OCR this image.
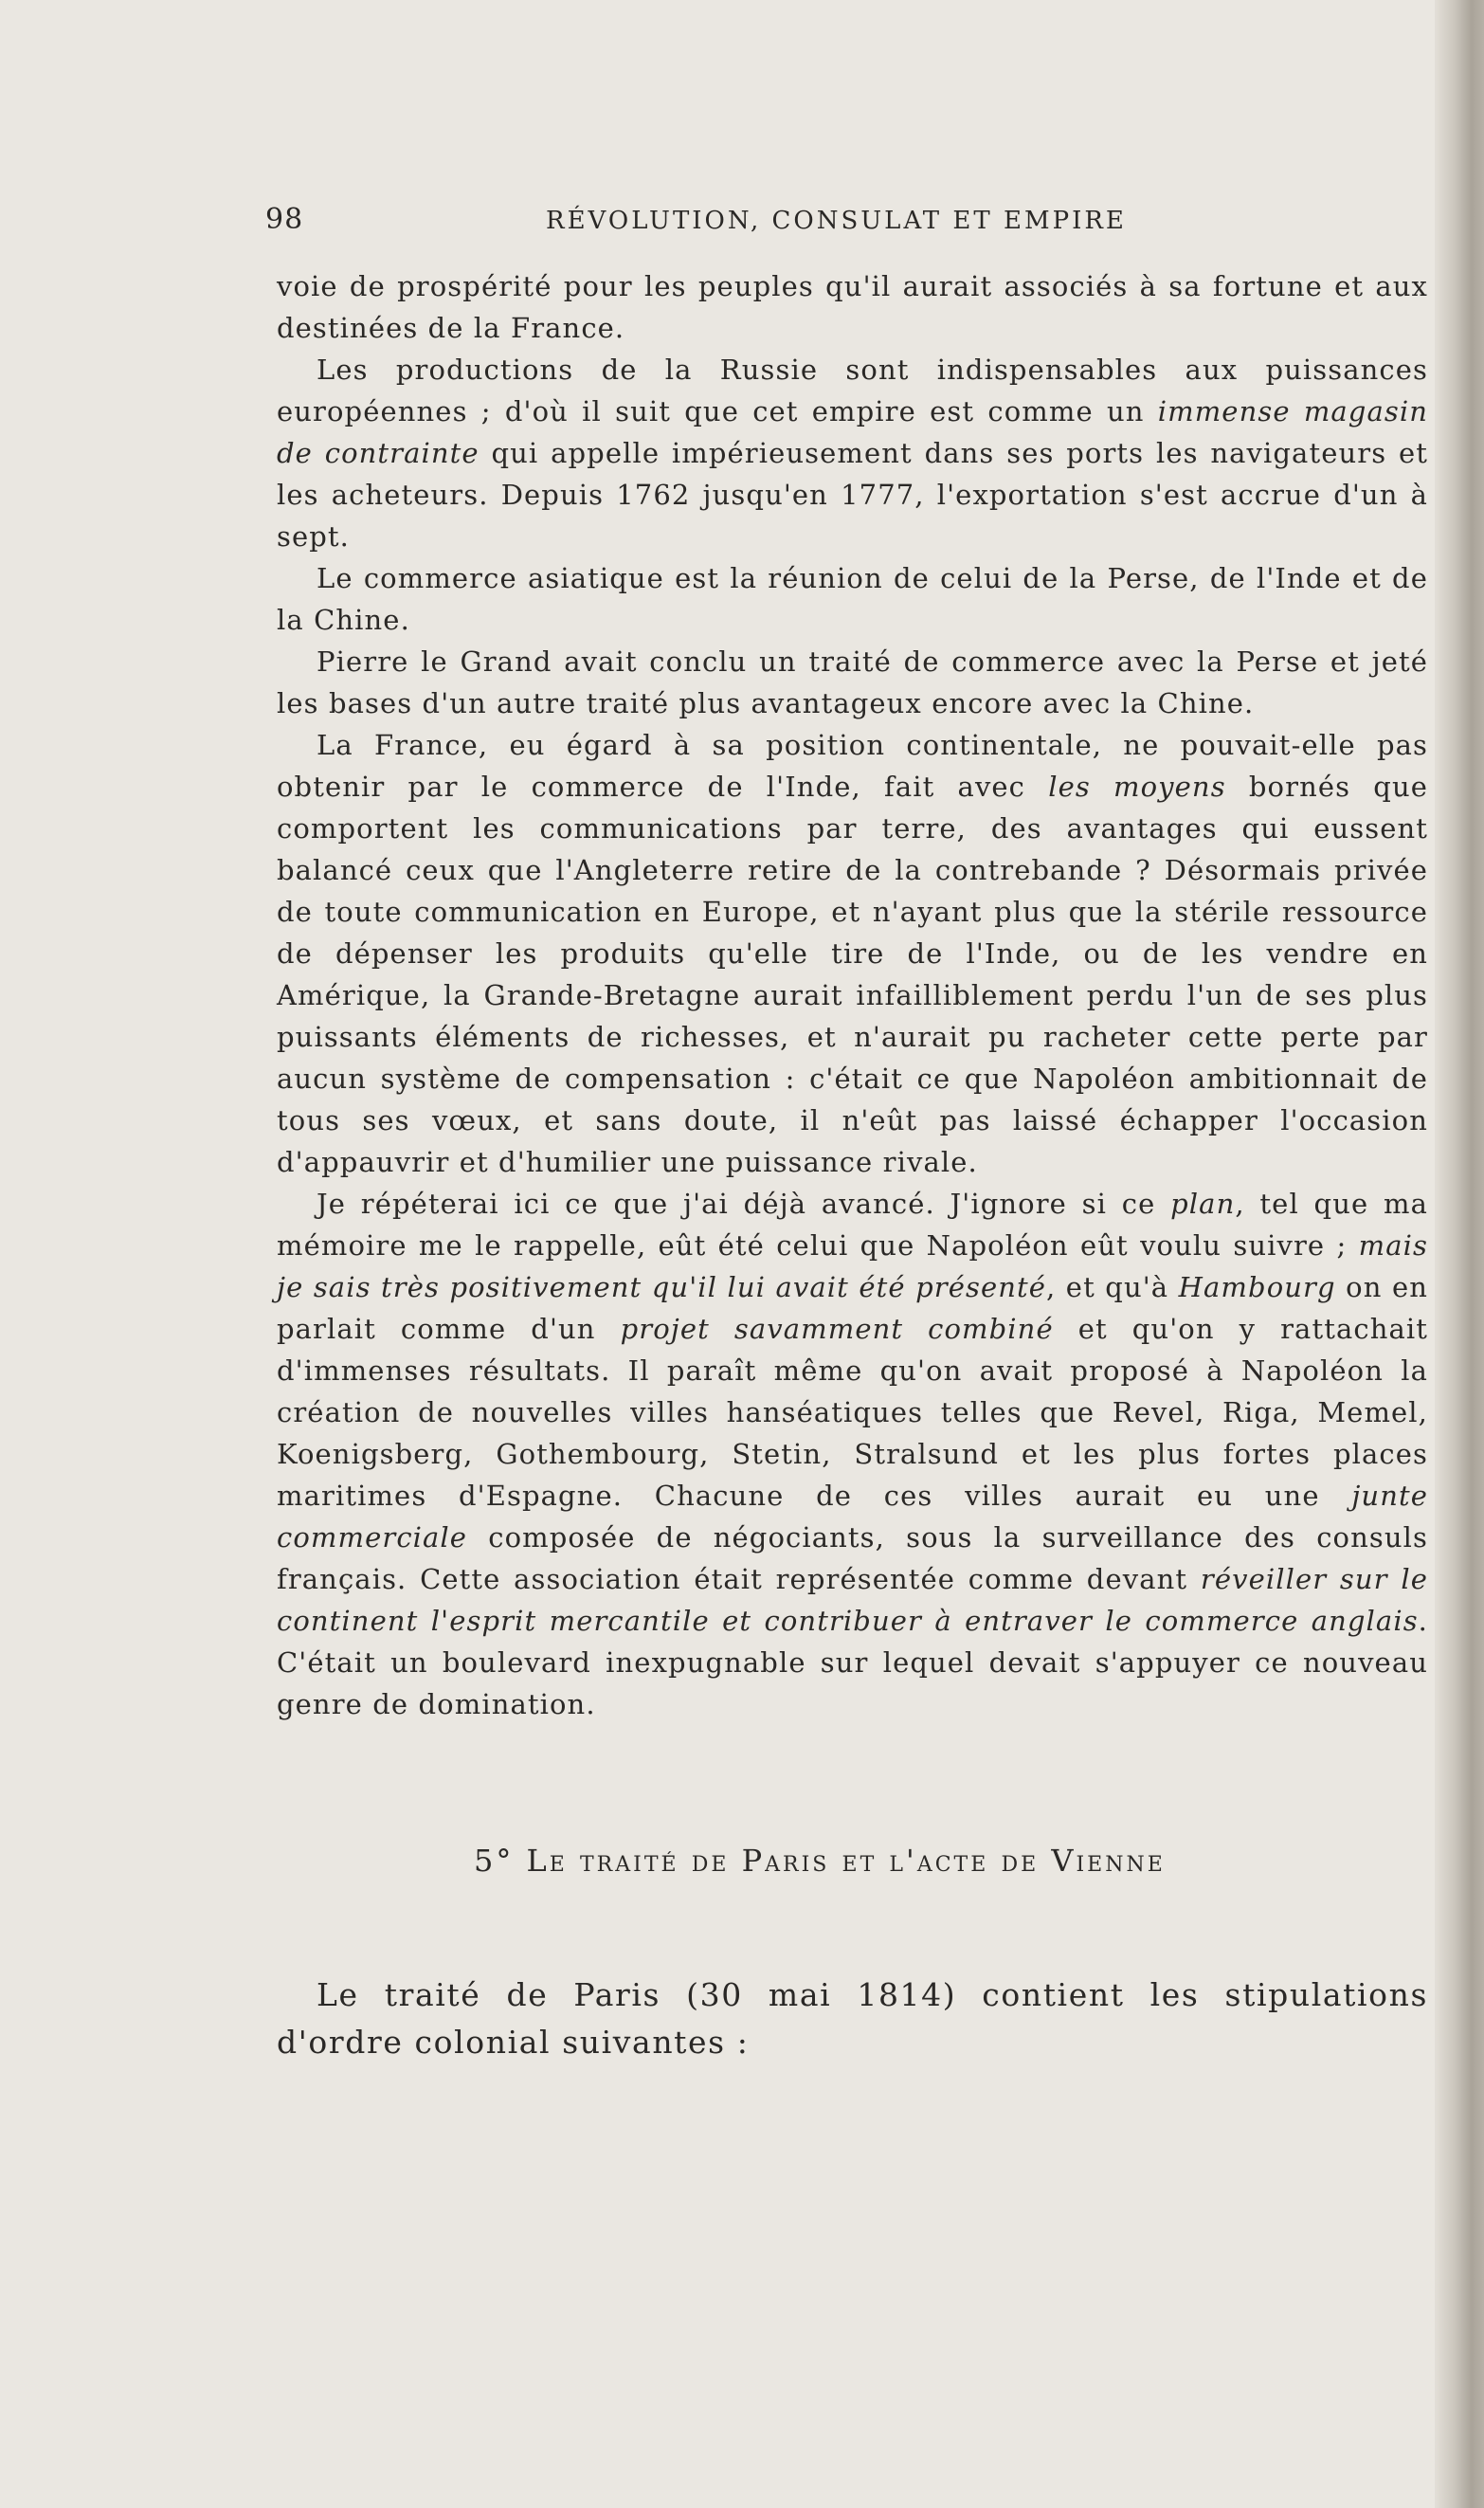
98	RÉVOLUTION, CONSULAT ET EMPIRE

voie de prospérité pour les peuples qu'il aurait associés à sa fortune et aux destinées de la France.

Les productions de la Russie sont indispensables aux puissances européennes ; d'où il suit que cet empire est comme un immense magasin de contrainte qui appelle impérieusement dans ses ports les navigateurs et les acheteurs. Depuis 1762 jusqu'en 1777, l'exportation s'est accrue d'un à sept.

Le commerce asiatique est la réunion de celui de la Perse, de l'Inde et de la Chine.

Pierre le Grand avait conclu un traité de commerce avec la Perse et jeté les bases d'un autre traité plus avantageux encore avec la Chine.

La France, eu égard à sa position continentale, ne pouvait-elle pas obtenir par le commerce de l'Inde, fait avec les moyens bornés que comportent les communications par terre, des avantages qui eussent balancé ceux que l'Angleterre retire de la contrebande ? Désormais privée de toute communication en Europe, et n'ayant plus que la stérile ressource de dépenser les produits qu'elle tire de l'Inde, ou de les vendre en Amérique, la Grande-Bretagne aurait infailliblement perdu l'un de ses plus puissants éléments de richesses, et n'aurait pu racheter cette perte par aucun système de compensation : c'était ce que Napoléon ambitionnait de tous ses vœux, et sans doute, il n'eût pas laissé échapper l'occasion d'appauvrir et d'humilier une puissance rivale.

Je répéterai ici ce que j'ai déjà avancé. J'ignore si ce plan, tel que ma mémoire me le rappelle, eût été celui que Napoléon eût voulu suivre ; mais je sais très positivement qu'il lui avait été présenté, et qu'à Hambourg on en parlait comme d'un projet savamment combiné et qu'on y rattachait d'immenses résultats. Il paraît même qu'on avait proposé à Napoléon la création de nouvelles villes hanséatiques telles que Revel, Riga, Memel, Koenigsberg, Gothembourg, Stetin, Stralsund et les plus fortes places maritimes d'Espagne. Chacune de ces villes aurait eu une junte commerciale composée de négociants, sous la surveillance des consuls français. Cette association était représentée comme devant réveiller sur le continent l'esprit mercantile et contribuer à entraver le commerce anglais. C'était un boulevard inexpugnable sur lequel devait s'appuyer ce nouveau genre de domination.

5° Le traité de Paris et l'acte de Vienne

Le traité de Paris (30 mai 1814) contient les stipulations d'ordre colonial suivantes :
